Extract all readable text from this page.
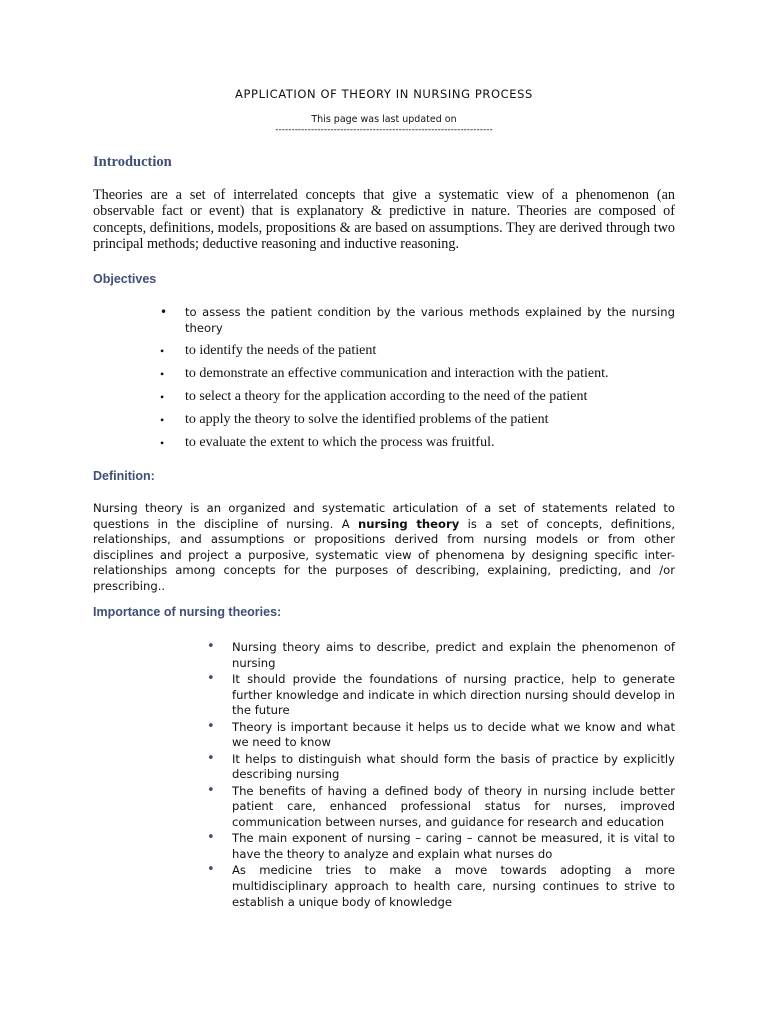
APPLICATION OF THEORY IN NURSING PROCESS
This page was last updated on
-------------------------------------------------------------------
Introduction
Theories are a set of interrelated concepts that give a systematic view of a phenomenon (an observable fact or event) that is explanatory & predictive in nature. Theories are composed of concepts, definitions, models, propositions & are based on assumptions. They are derived through two principal methods; deductive reasoning and inductive reasoning.
Objectives
• to assess the patient condition by the various methods explained by the nursing theory
• to identify the needs of the patient
• to demonstrate an effective communication and interaction with the patient.
• to select a theory for the application according to the need of the patient
• to apply the theory to solve the identified problems of the patient
• to evaluate the extent to which the process was fruitful.
Definition:
Nursing theory is an organized and systematic articulation of a set of statements related to questions in the discipline of nursing. A nursing theory is a set of concepts, definitions, relationships, and assumptions or propositions derived from nursing models or from other disciplines and project a purposive, systematic view of phenomena by designing specific inter-relationships among concepts for the purposes of describing, explaining, predicting, and /or prescribing..
Importance of nursing theories:
• Nursing theory aims to describe, predict and explain the phenomenon of nursing
• It should provide the foundations of nursing practice, help to generate further knowledge and indicate in which direction nursing should develop in the future
• Theory is important because it helps us to decide what we know and what we need to know
• It helps to distinguish what should form the basis of practice by explicitly describing nursing
• The benefits of having a defined body of theory in nursing include better patient care, enhanced professional status for nurses, improved communication between nurses, and guidance for research and education
• The main exponent of nursing – caring – cannot be measured, it is vital to have the theory to analyze and explain what nurses do
• As medicine tries to make a move towards adopting a more multidisciplinary approach to health care, nursing continues to strive to establish a unique body of knowledge
